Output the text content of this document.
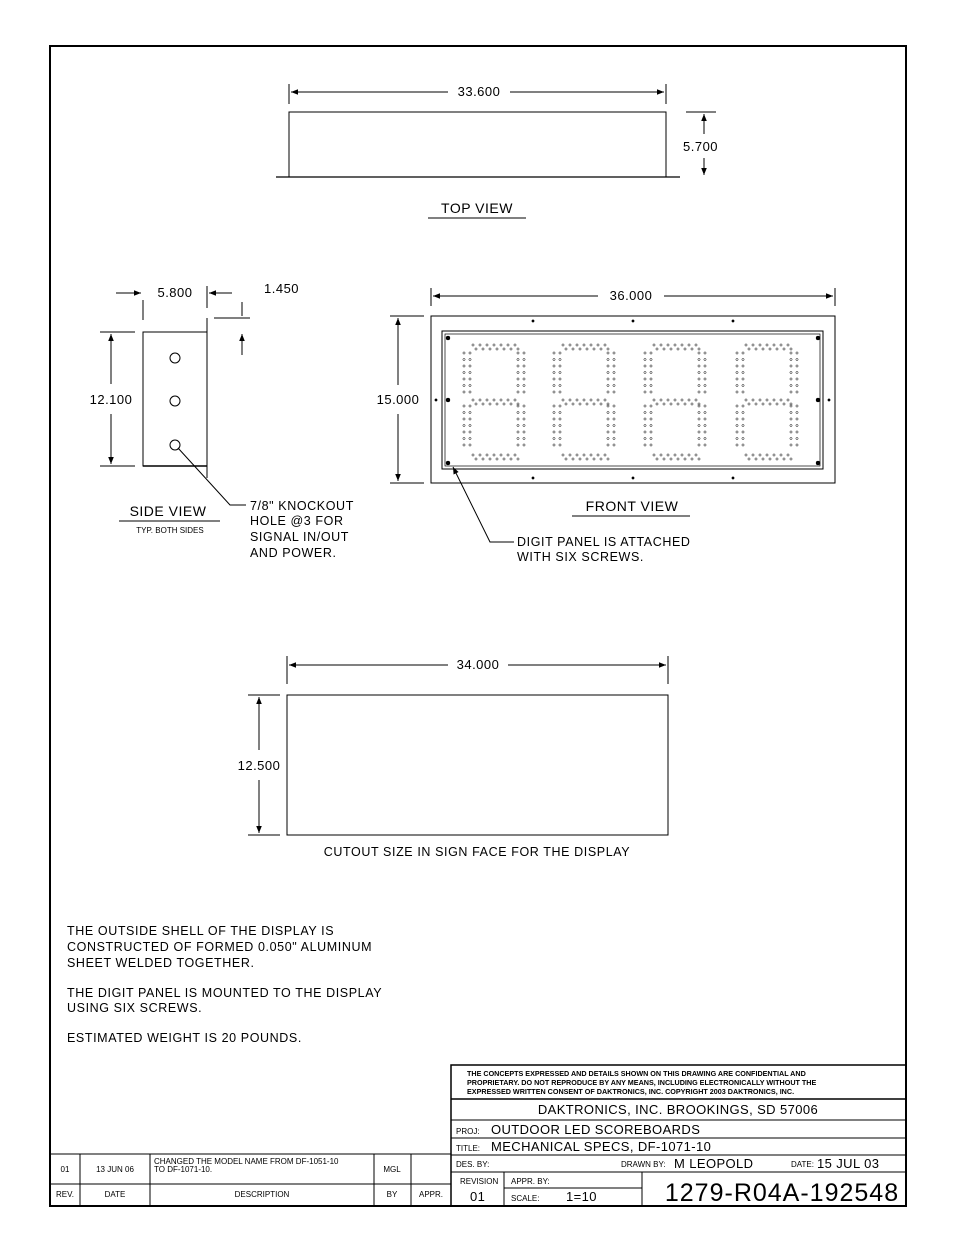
33.600
5.700
TOP VIEW
5.800	1.450
12.100
SIDE VIEW
TYP. BOTH SIDES
7/8" KNOCKOUT
HOLE @3 FOR
SIGNAL IN/OUT
AND POWER.
36.000
15.000
FRONT VIEW
DIGIT PANEL IS ATTACHED
WITH SIX SCREWS.
34.000
12.500
CUTOUT SIZE IN SIGN FACE FOR THE DISPLAY
THE OUTSIDE SHELL OF THE DISPLAY IS
CONSTRUCTED OF FORMED 0.050" ALUMINUM
SHEET WELDED TOGETHER.
THE DIGIT PANEL IS MOUNTED TO THE DISPLAY
USING SIX SCREWS.
ESTIMATED WEIGHT IS 20 POUNDS.
01	13 JUN 06
CHANGED THE MODEL NAME FROM DF-1051-10
TO DF-1071-10.	MGL
REV.	DATE	DESCRIPTION	BY	APPR.
THE CONCEPTS EXPRESSED AND DETAILS SHOWN ON THIS DRAWING ARE CONFIDENTIAL AND
PROPRIETARY. DO NOT REPRODUCE BY ANY MEANS, INCLUDING ELECTRONICALLY WITHOUT THE
EXPRESSED WRITTEN CONSENT OF DAKTRONICS, INC. COPYRIGHT 2003 DAKTRONICS, INC.
DAKTRONICS, INC. BROOKINGS, SD 57006
PROJ: OUTDOOR LED SCOREBOARDS
TITLE: MECHANICAL SPECS, DF-1071-10
DES. BY:	DRAWN BY: M LEOPOLD	DATE: 15 JUL 03
REVISION
01
APPR. BY:
SCALE: 1=10	1279-R04A-192548
